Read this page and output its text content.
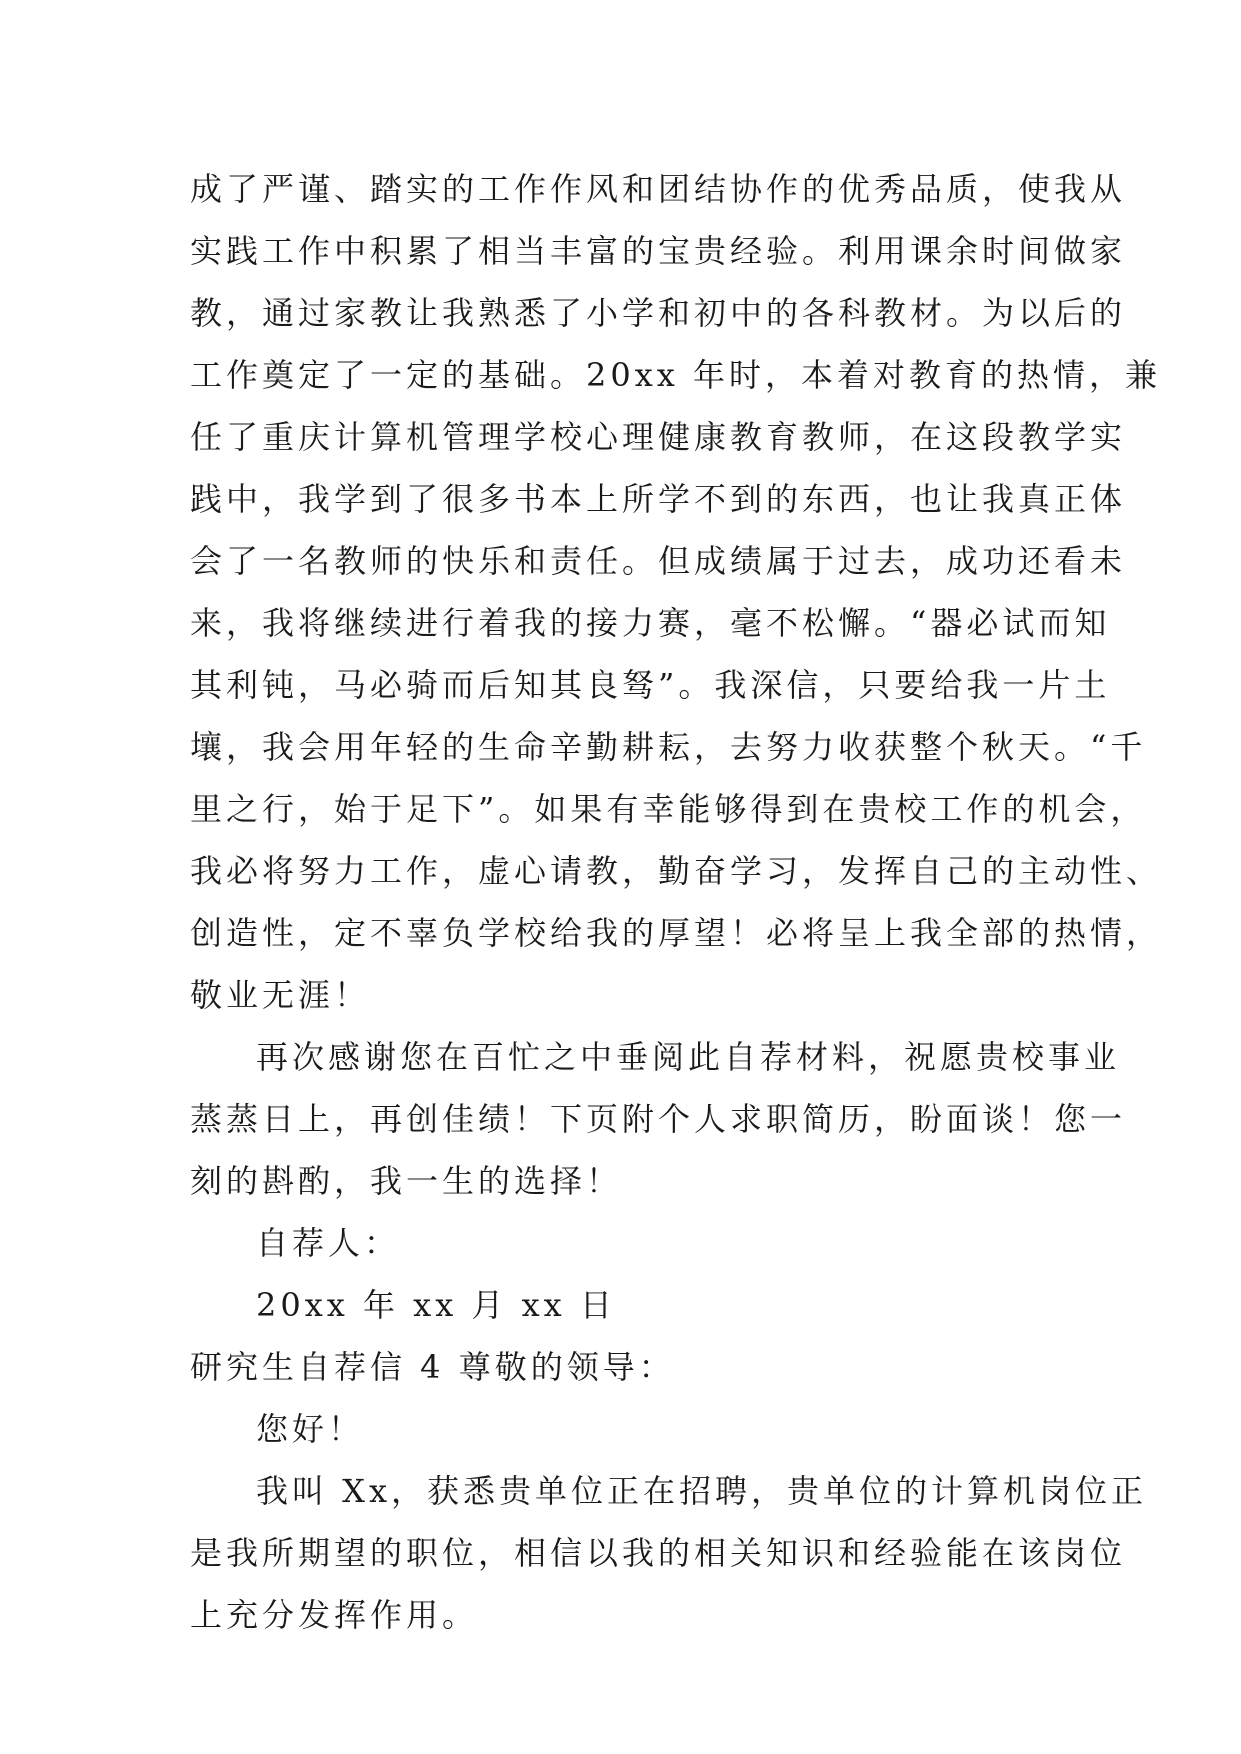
成了严谨、踏实的工作作风和团结协作的优秀品质，使我从
实践工作中积累了相当丰富的宝贵经验。利用课余时间做家
教，通过家教让我熟悉了小学和初中的各科教材。为以后的
工作奠定了一定的基础。20xx 年时，本着对教育的热情，兼
任了重庆计算机管理学校心理健康教育教师，在这段教学实
践中，我学到了很多书本上所学不到的东西，也让我真正体
会了一名教师的快乐和责任。但成绩属于过去，成功还看未
来，我将继续进行着我的接力赛，毫不松懈。“器必试而知
其利钝，马必骑而后知其良驽”。我深信，只要给我一片土
壤，我会用年轻的生命辛勤耕耘，去努力收获整个秋天。“千
里之行，始于足下”。如果有幸能够得到在贵校工作的机会，
我必将努力工作，虚心请教，勤奋学习，发挥自己的主动性、
创造性，定不辜负学校给我的厚望！必将呈上我全部的热情，
敬业无涯！
再次感谢您在百忙之中垂阅此自荐材料，祝愿贵校事业
蒸蒸日上，再创佳绩！下页附个人求职简历，盼面谈！您一
刻的斟酌，我一生的选择！
自荐人：
20xx 年 xx 月 xx 日
研究生自荐信 4 尊敬的领导：
您好！
我叫 Xx，获悉贵单位正在招聘，贵单位的计算机岗位正
是我所期望的职位，相信以我的相关知识和经验能在该岗位
上充分发挥作用。
